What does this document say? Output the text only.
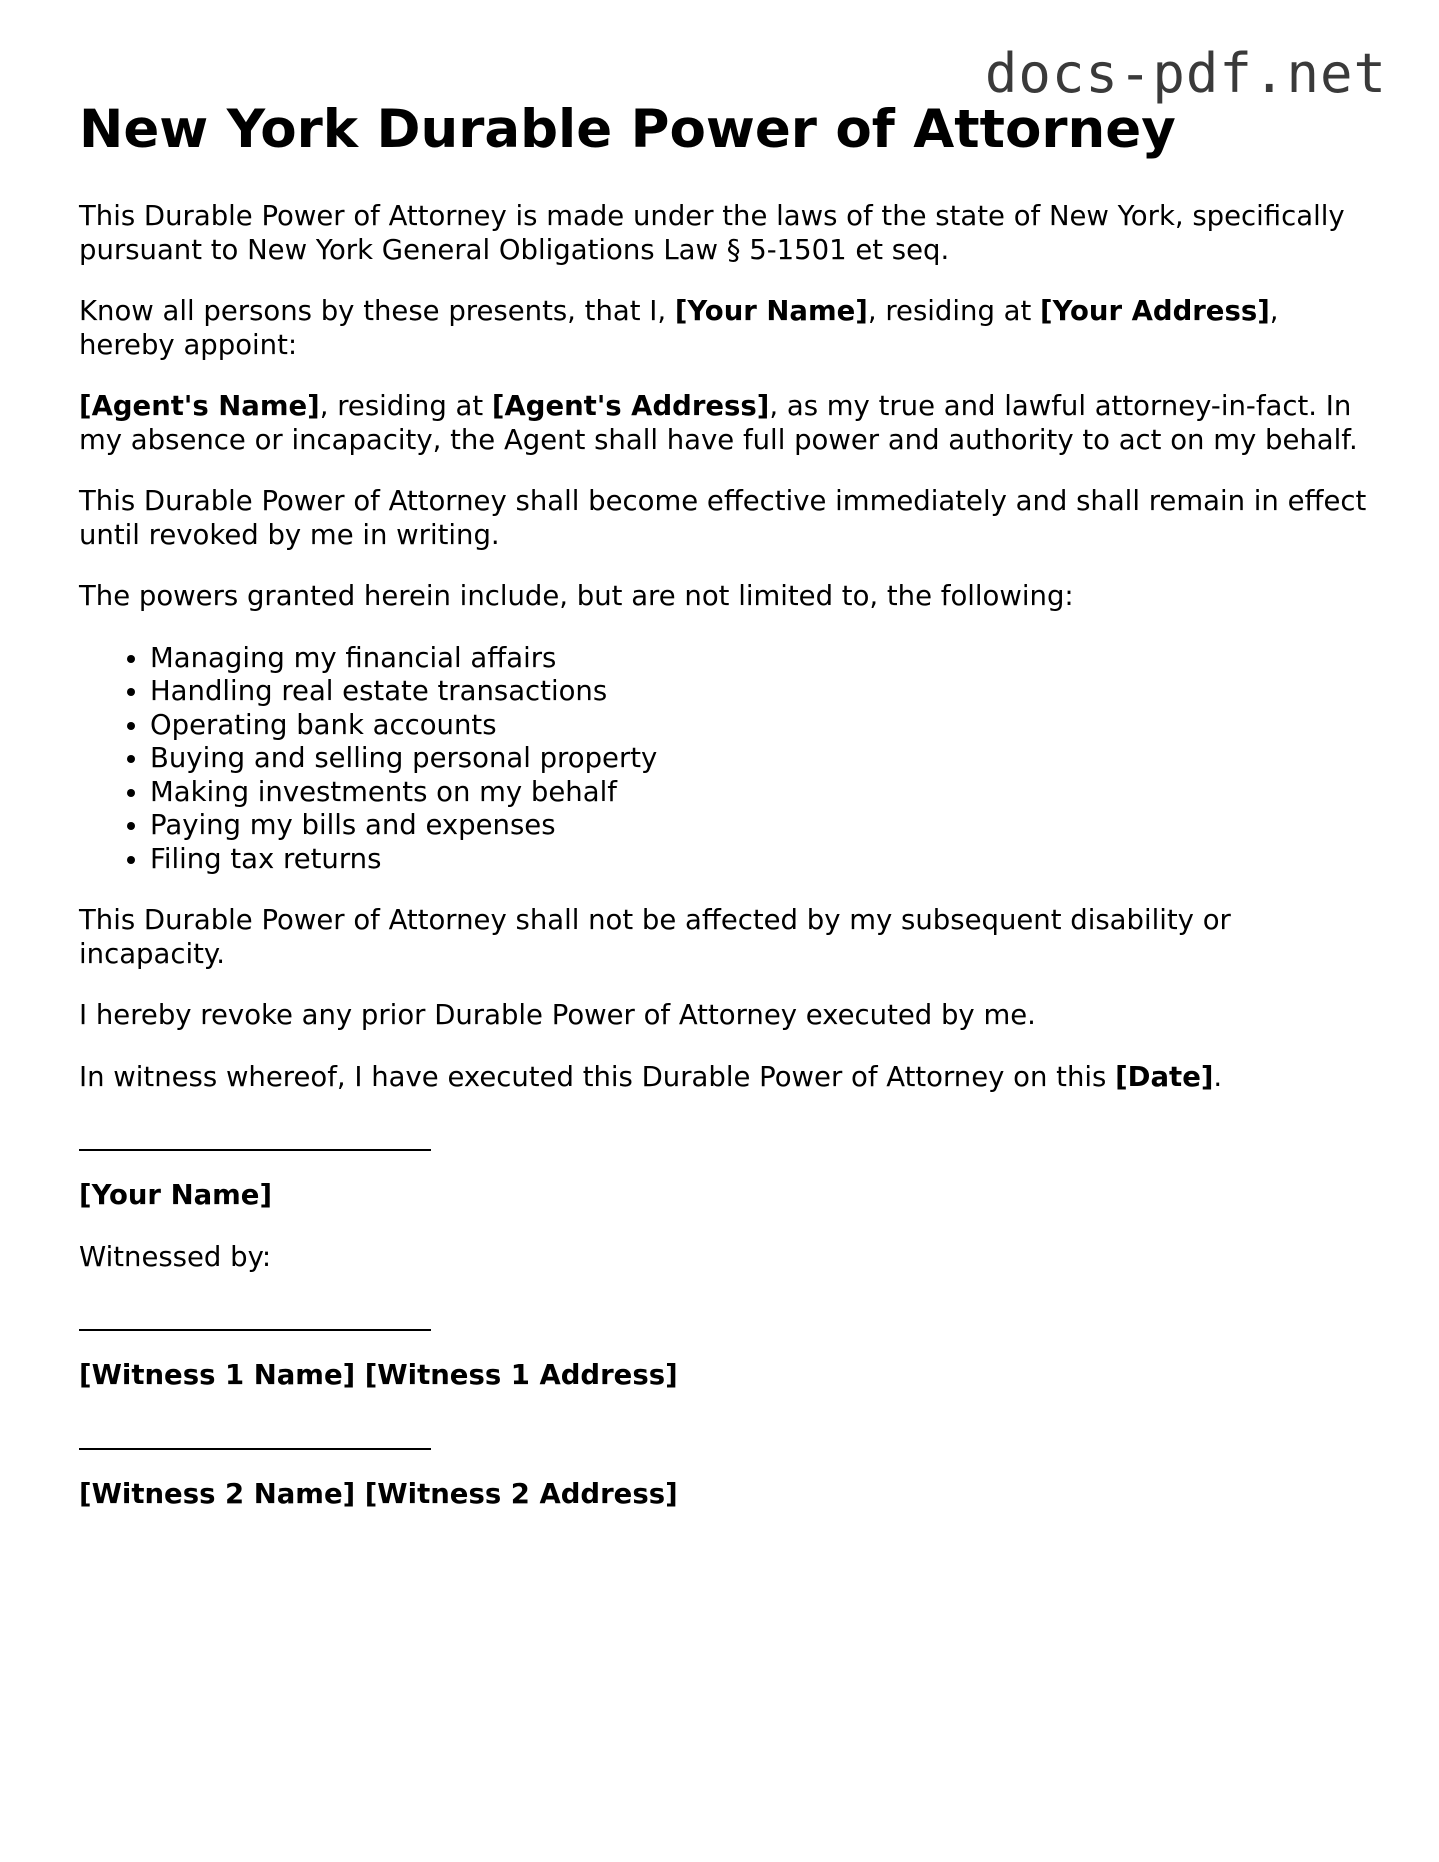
docs-pdf.net
New York Durable Power of Attorney

This Durable Power of Attorney is made under the laws of the state of New York, specifically pursuant to New York General Obligations Law § 5-1501 et seq.

Know all persons by these presents, that I, [Your Name], residing at [Your Address], hereby appoint:

[Agent's Name], residing at [Agent's Address], as my true and lawful attorney-in-fact. In my absence or incapacity, the Agent shall have full power and authority to act on my behalf.

This Durable Power of Attorney shall become effective immediately and shall remain in effect until revoked by me in writing.

The powers granted herein include, but are not limited to, the following:

• Managing my financial affairs
• Handling real estate transactions
• Operating bank accounts
• Buying and selling personal property
• Making investments on my behalf
• Paying my bills and expenses
• Filing tax returns

This Durable Power of Attorney shall not be affected by my subsequent disability or incapacity.

I hereby revoke any prior Durable Power of Attorney executed by me.

In witness whereof, I have executed this Durable Power of Attorney on this [Date].

[Your Name]

Witnessed by:

[Witness 1 Name] [Witness 1 Address]
[Witness 2 Name] [Witness 2 Address]
